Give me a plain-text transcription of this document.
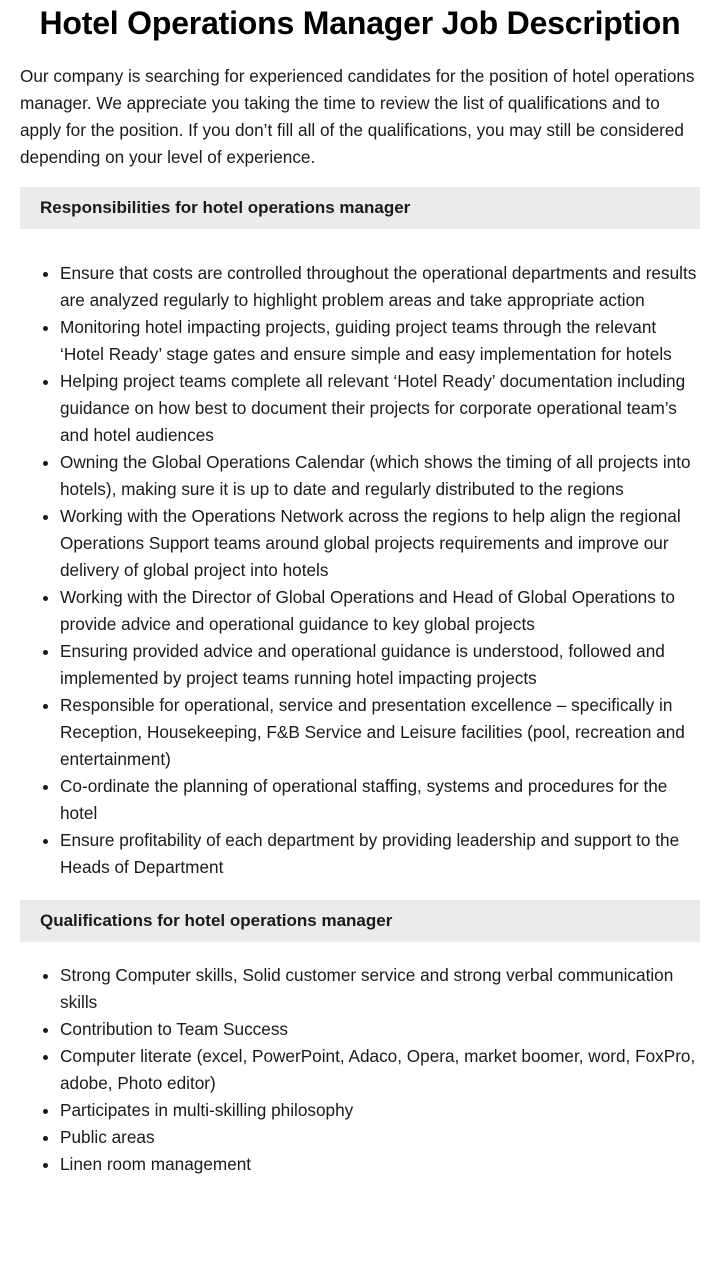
Hotel Operations Manager Job Description

Our company is searching for experienced candidates for the position of hotel operations manager. We appreciate you taking the time to review the list of qualifications and to apply for the position. If you don’t fill all of the qualifications, you may still be considered depending on your level of experience.

Responsibilities for hotel operations manager
Ensure that costs are controlled throughout the operational departments and results are analyzed regularly to highlight problem areas and take appropriate action
Monitoring hotel impacting projects, guiding project teams through the relevant ‘Hotel Ready’ stage gates and ensure simple and easy implementation for hotels
Helping project teams complete all relevant ‘Hotel Ready’ documentation including guidance on how best to document their projects for corporate operational team’s and hotel audiences
Owning the Global Operations Calendar (which shows the timing of all projects into hotels), making sure it is up to date and regularly distributed to the regions
Working with the Operations Network across the regions to help align the regional Operations Support teams around global projects requirements and improve our delivery of global project into hotels
Working with the Director of Global Operations and Head of Global Operations to provide advice and operational guidance to key global projects
Ensuring provided advice and operational guidance is understood, followed and implemented by project teams running hotel impacting projects
Responsible for operational, service and presentation excellence – specifically in Reception, Housekeeping, F&B Service and Leisure facilities (pool, recreation and entertainment)
Co-ordinate the planning of operational staffing, systems and procedures for the hotel
Ensure profitability of each department by providing leadership and support to the Heads of Department
Qualifications for hotel operations manager
Strong Computer skills, Solid customer service and strong verbal communication skills
Contribution to Team Success
Computer literate (excel, PowerPoint, Adaco, Opera, market boomer, word, FoxPro, adobe, Photo editor)
Participates in multi-skilling philosophy
Public areas
Linen room management
